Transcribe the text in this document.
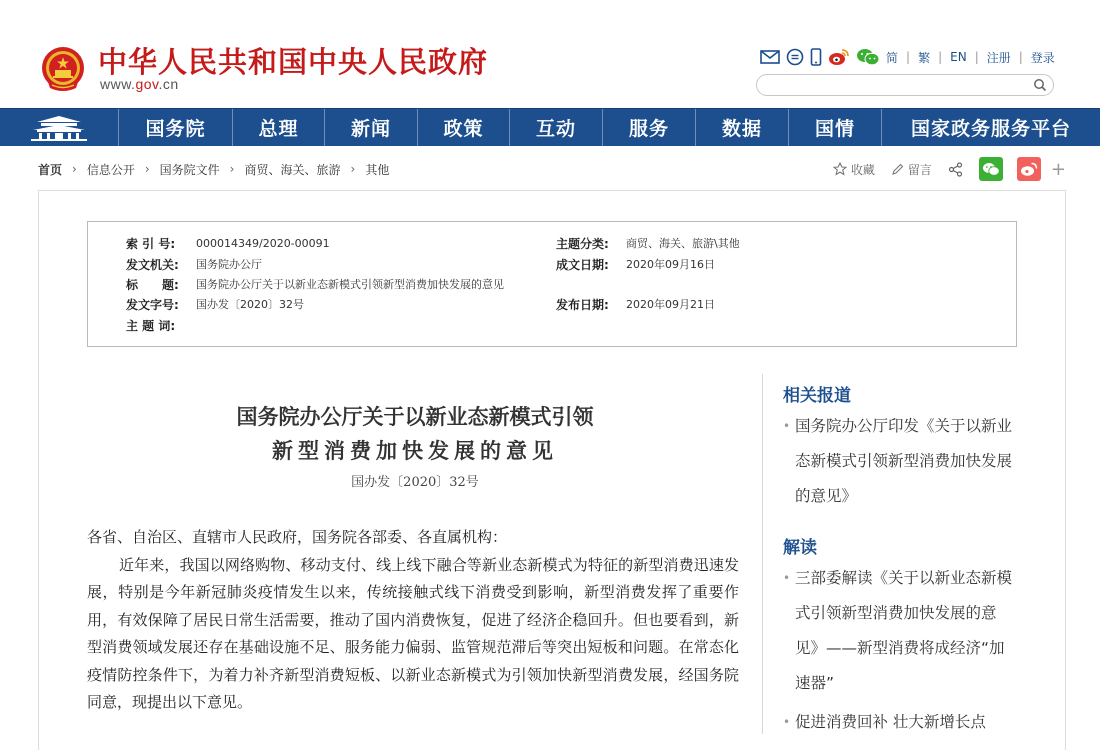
中华人民共和国中央人民政府
www.gov.cn
简 | 繁 | EN | 注册 | 登录
国务院	总理	新闻	政策	互动	服务	数据	国情	国家政务服务平台
首页 › 信息公开 › 国务院文件 › 商贸、海关、旅游 › 其他	收藏	留言	+
索 引 号:	000014349/2020-00091	主题分类:	商贸、海关、旅游\其他
发文机关:	国务院办公厅	成文日期:	2020年09月16日
标　　题:	国务院办公厅关于以新业态新模式引领新型消费加快发展的意见
发文字号:	国办发〔2020〕32号	发布日期:	2020年09月21日
主 题 词:
国务院办公厅关于以新业态新模式引领
新型消费加快发展的意见
国办发〔2020〕32号

各省、自治区、直辖市人民政府，国务院各部委、各直属机构：

近年来，我国以网络购物、移动支付、线上线下融合等新业态新模式为特征的新型消费迅速发展，特别是今年新冠肺炎疫情发生以来，传统接触式线下消费受到影响，新型消费发挥了重要作用，有效保障了居民日常生活需要，推动了国内消费恢复，促进了经济企稳回升。但也要看到，新型消费领域发展还存在基础设施不足、服务能力偏弱、监管规范滞后等突出短板和问题。在常态化疫情防控条件下，为着力补齐新型消费短板、以新业态新模式为引领加快新型消费发展，经国务院同意，现提出以下意见。

相关报道
• 国务院办公厅印发《关于以新业态新模式引领新型消费加快发展的意见》
解读
• 三部委解读《关于以新业态新模式引领新型消费加快发展的意见》——新型消费将成经济“加速器”
• 促进消费回补 壮大新增长点
